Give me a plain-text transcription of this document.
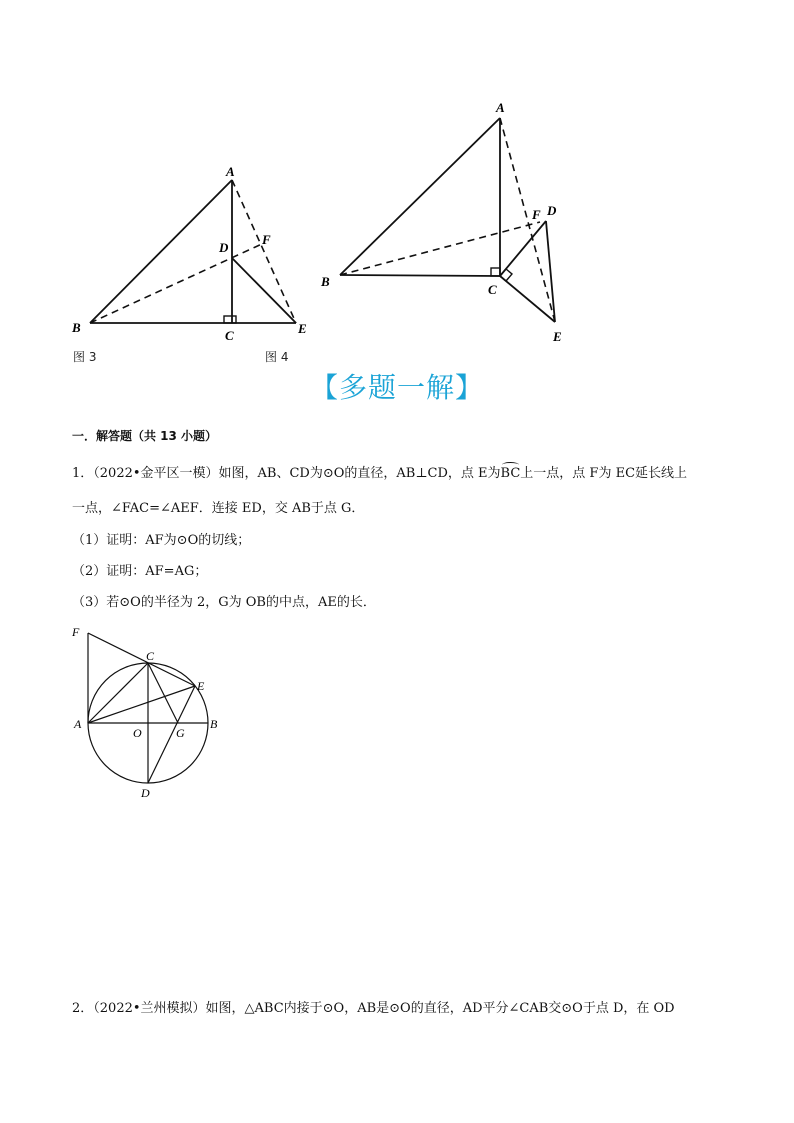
A
B
C
D
E
F
图 3	图 4
A
B
C
D
E
F
【多题一解】
一．解答题（共 13 小题）
1．（2022•金平区一模）如图，AB、CD为⊙O的直径，AB⊥CD，点 E为BC上一点，点 F为 EC延长线上
一点，∠FAC=∠AEF．连接 ED，交 AB于点 G．
（1）证明：AF为⊙O的切线；
（2）证明：AF=AG；
（3）若⊙O的半径为 2，G为 OB的中点，AE的长．
F
C
E
A	B
O	G
D
2．（2022•兰州模拟）如图，△ABC内接于⊙O，AB是⊙O的直径，AD平分∠CAB交⊙O于点 D，在 OD
